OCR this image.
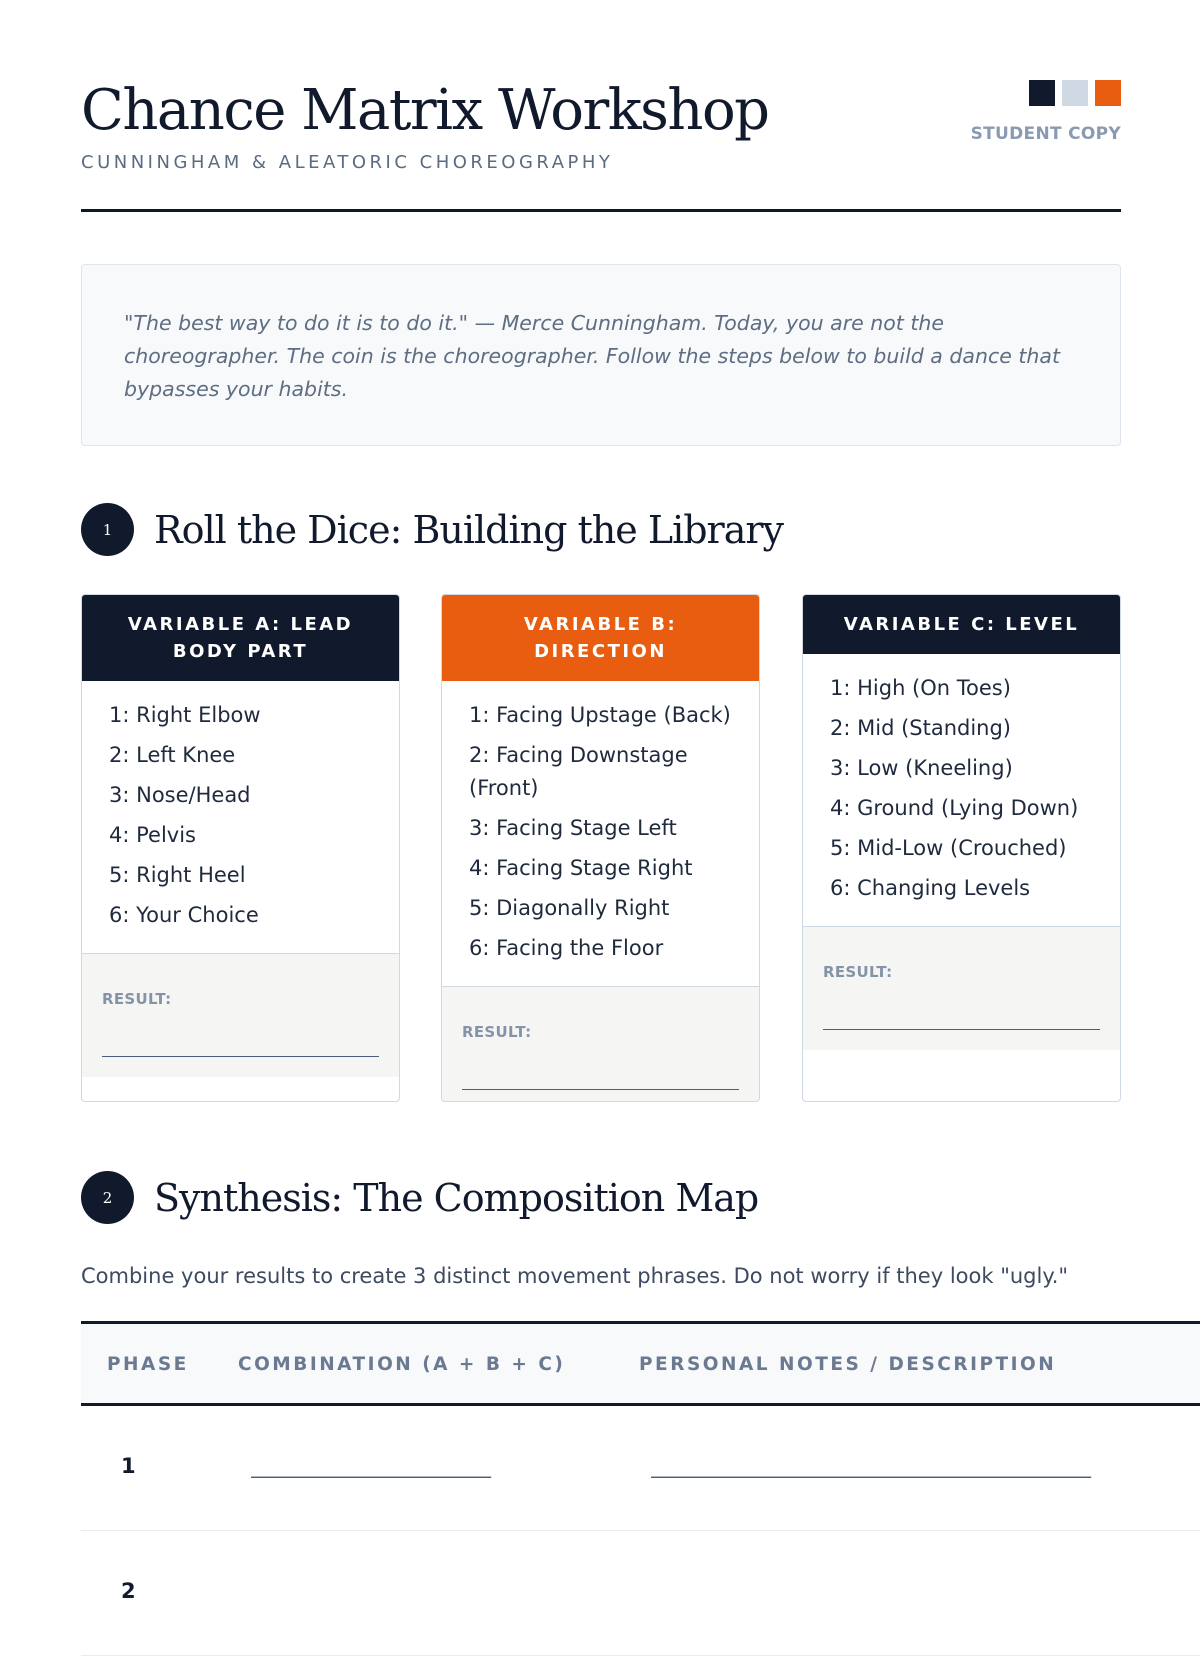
Chance Matrix Workshop
CUNNINGHAM & ALEATORIC CHOREOGRAPHY
STUDENT COPY
"The best way to do it is to do it." — Merce Cunningham. Today, you are not the choreographer. The coin is the choreographer. Follow the steps below to build a dance that bypasses your habits.
1	Roll the Dice: Building the Library
VARIABLE A: LEAD BODY PART
1: Right Elbow
2: Left Knee
3: Nose/Head
4: Pelvis
5: Right Heel
6: Your Choice
RESULT:
VARIABLE B: DIRECTION
1: Facing Upstage (Back)
2: Facing Downstage (Front)
3: Facing Stage Left
4: Facing Stage Right
5: Diagonally Right
6: Facing the Floor
RESULT:
VARIABLE C: LEVEL
1: High (On Toes)
2: Mid (Standing)
3: Low (Kneeling)
4: Ground (Lying Down)
5: Mid-Low (Crouched)
6: Changing Levels
RESULT:
2	Synthesis: The Composition Map
Combine your results to create 3 distinct movement phrases. Do not worry if they look "ugly."
PHASE	COMBINATION (A + B + C)	PERSONAL NOTES / DESCRIPTION
1	________________________	____________________________________________
2
